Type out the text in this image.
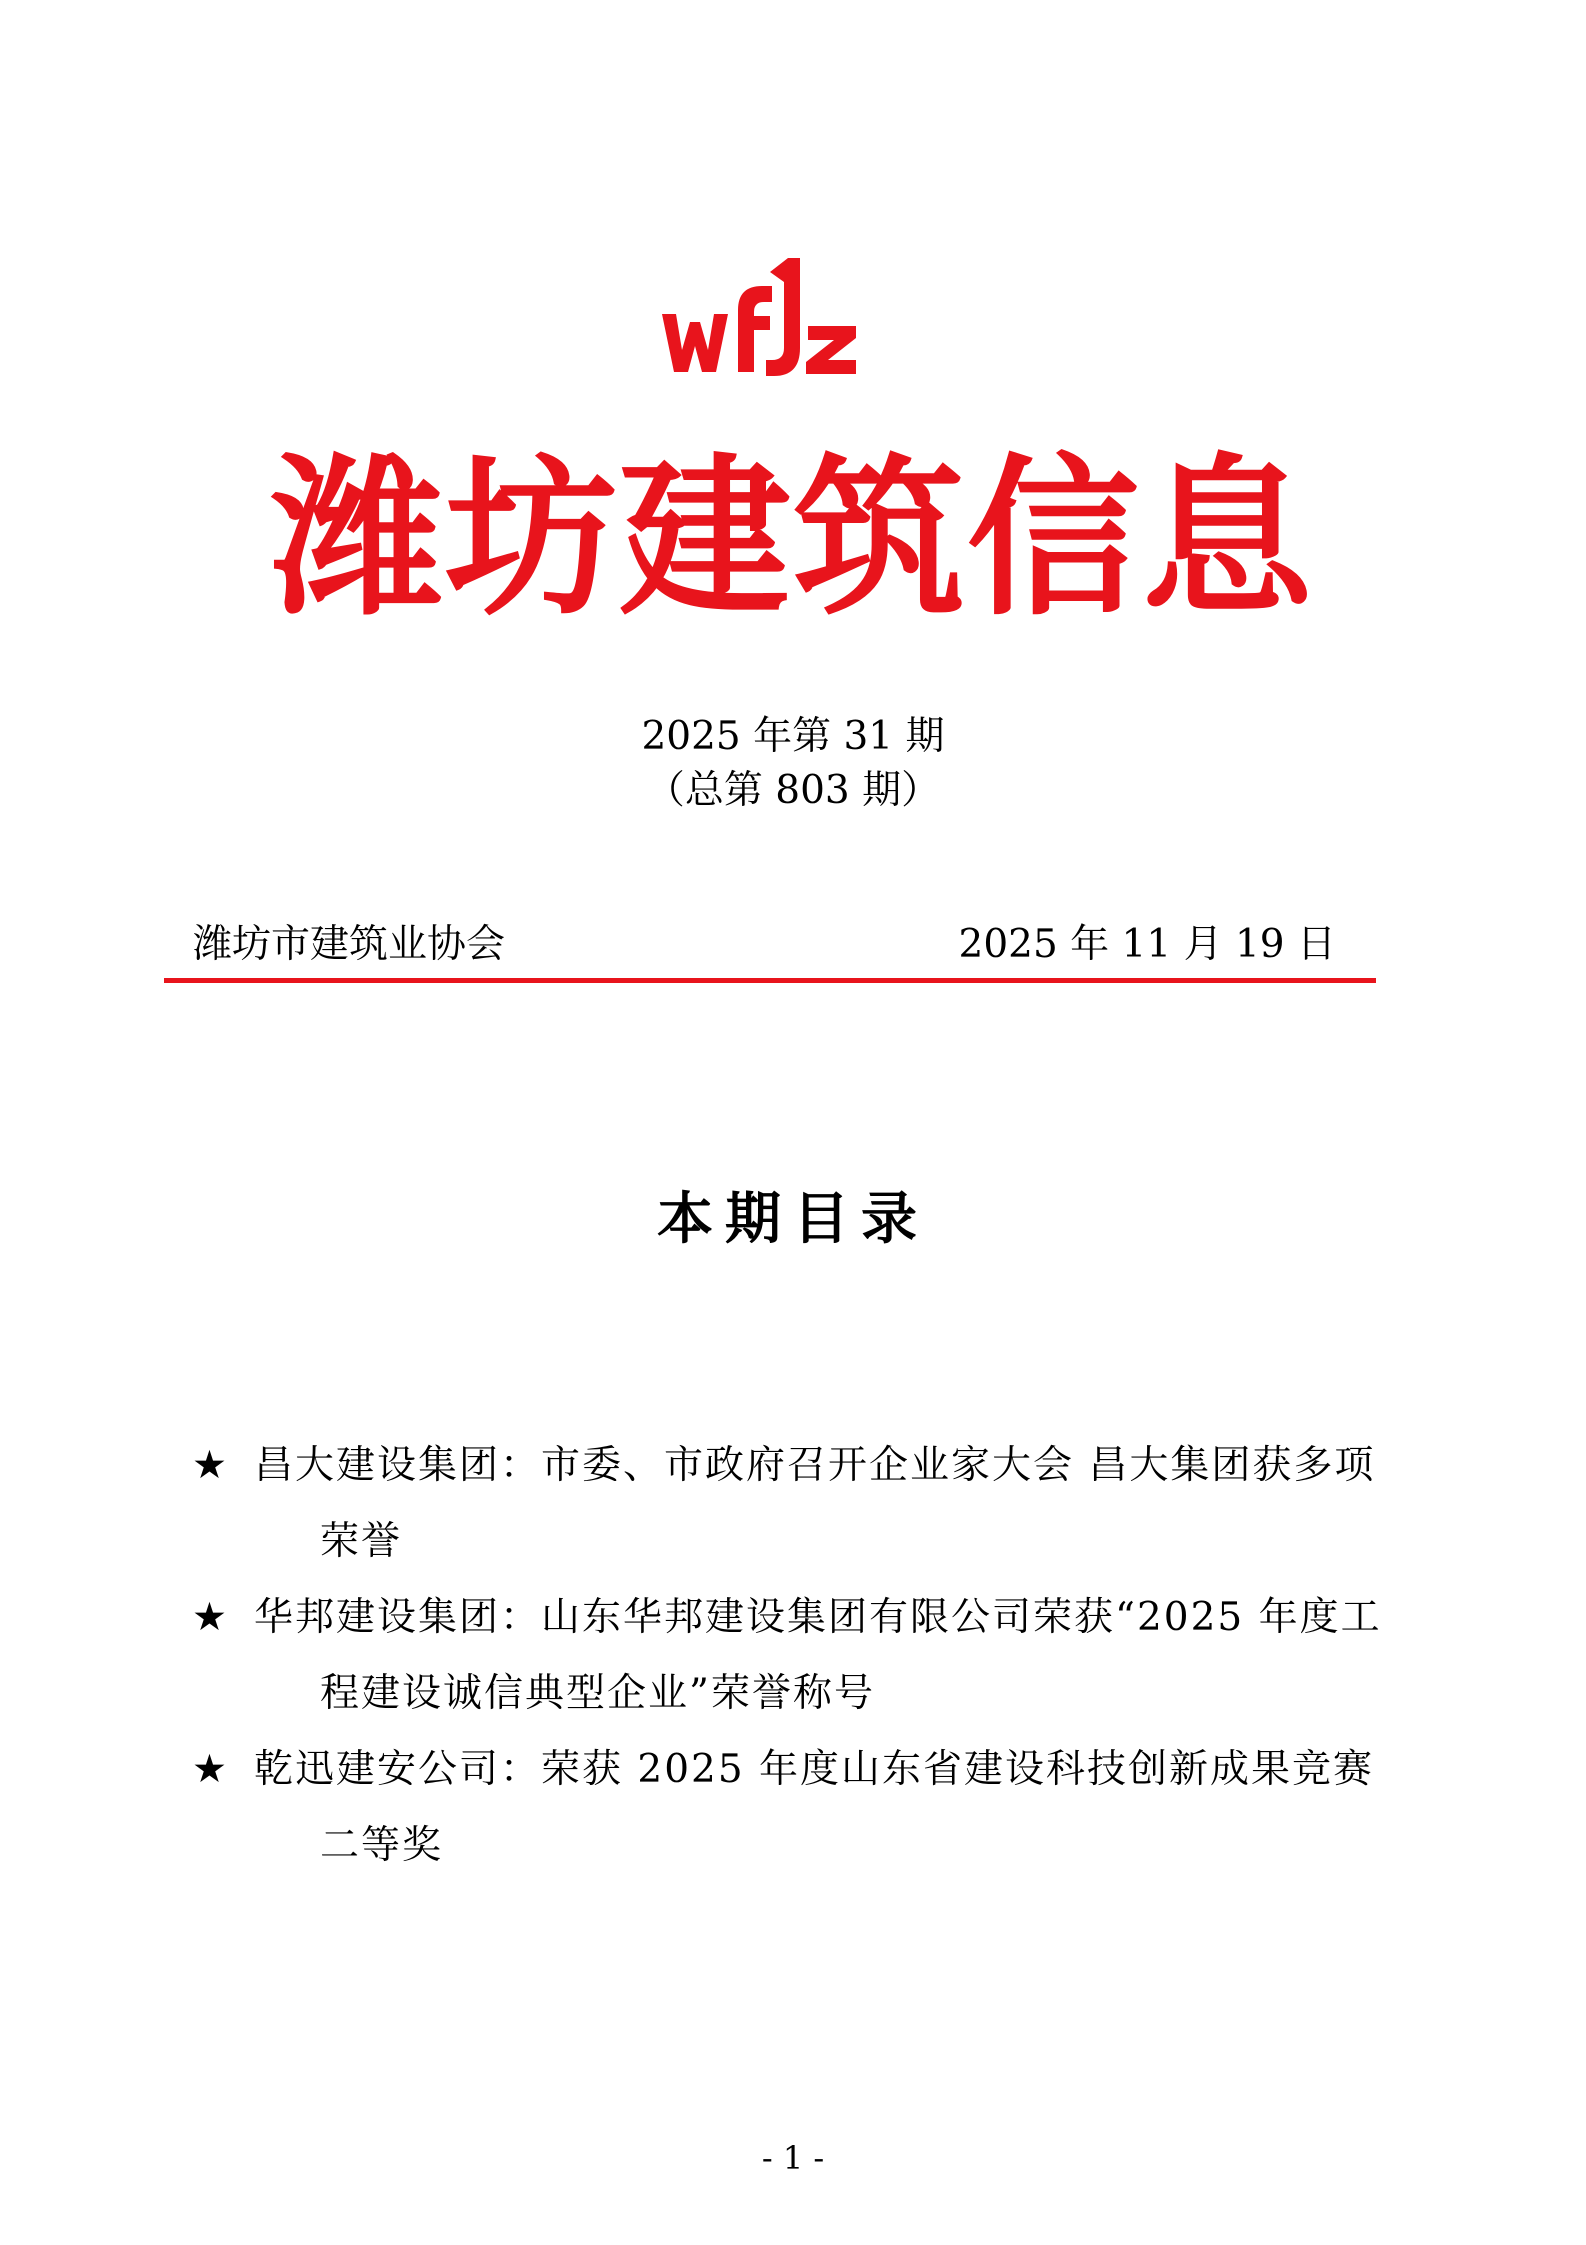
潍坊建筑信息
2025 年第 31 期
（总第 803 期）
潍坊市建筑业协会	2025 年 11 月 19 日
本期目录
★ 昌大建设集团：市委、市政府召开企业家大会 昌大集团获多项荣誉
★ 华邦建设集团：山东华邦建设集团有限公司荣获“2025 年度工程建设诚信典型企业”荣誉称号
★ 乾迅建安公司：荣获 2025 年度山东省建设科技创新成果竞赛二等奖
- 1 -
